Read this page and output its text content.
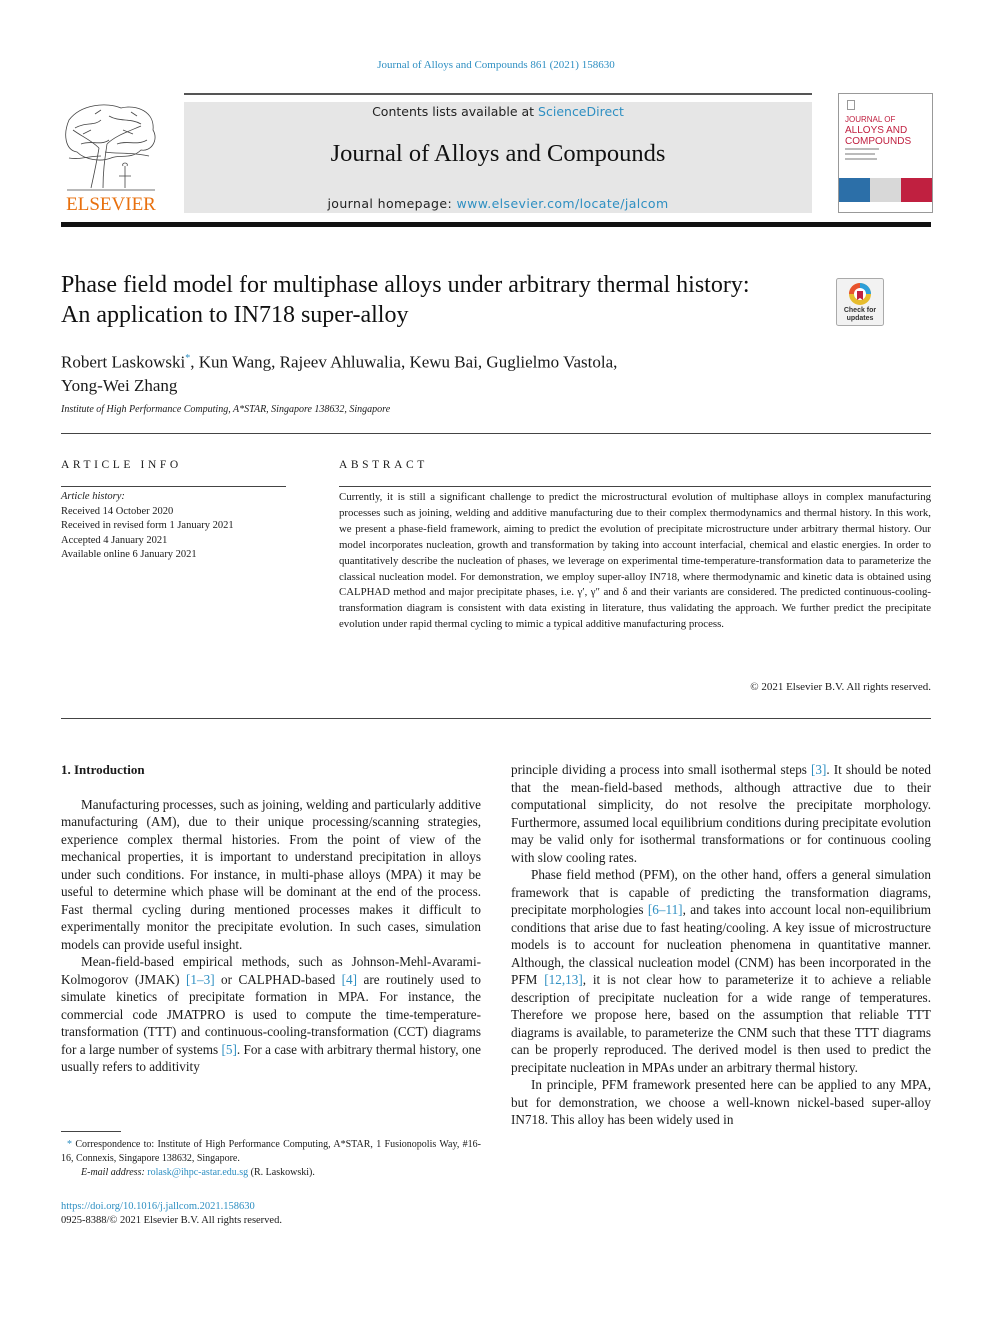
Journal of Alloys and Compounds 861 (2021) 158630
ELSEVIER
Contents lists available at ScienceDirect
Journal of Alloys and Compounds
journal homepage: www.elsevier.com/locate/jalcom
JOURNAL OF
ALLOYS AND
COMPOUNDS
Phase field model for multiphase alloys under arbitrary thermal history:
An application to IN718 super-alloy	Check for updates
Robert Laskowski*, Kun Wang, Rajeev Ahluwalia, Kewu Bai, Guglielmo Vastola,
Yong-Wei Zhang
Institute of High Performance Computing, A*STAR, Singapore 138632, Singapore
ARTICLE INFO
Article history:
Received 14 October 2020
Received in revised form 1 January 2021
Accepted 4 January 2021
Available online 6 January 2021
ABSTRACT
Currently, it is still a significant challenge to predict the microstructural evolution of multiphase alloys in complex manufacturing processes such as joining, welding and additive manufacturing due to their complex thermodynamics and thermal history. In this work, we present a phase-field framework, aiming to predict the evolution of precipitate microstructure under arbitrary thermal history. Our model incorporates nucleation, growth and transformation by taking into account interfacial, chemical and elastic energies. In order to quantitatively describe the nucleation of phases, we leverage on experimental time-temperature-transformation data to parameterize the classical nucleation model. For demonstration, we employ super-alloy IN718, where thermodynamic and kinetic data is obtained using CALPHAD method and major precipitate phases, i.e. γ′, γ″ and δ and their variants are considered. The predicted continuous-cooling-transformation diagram is consistent with data existing in literature, thus validating the approach. We further predict the precipitate evolution under rapid thermal cycling to mimic a typical additive manufacturing process.
© 2021 Elsevier B.V. All rights reserved.
1. Introduction

Manufacturing processes, such as joining, welding and particularly additive manufacturing (AM), due to their unique processing/scanning strategies, experience complex thermal histories. From the point of view of the mechanical properties, it is important to understand precipitation in alloys under such conditions. For instance, in multi-phase alloys (MPA) it may be useful to determine which phase will be dominant at the end of the process. Fast thermal cycling during mentioned processes makes it difficult to experimentally monitor the precipitate evolution. In such cases, simulation models can provide useful insight.

Mean-field-based empirical methods, such as Johnson-Mehl-Avarami-Kolmogorov (JMAK) [1–3] or CALPHAD-based [4] are routinely used to simulate kinetics of precipitate formation in MPA. For instance, the commercial code JMATPRO is used to compute the time-temperature-transformation (TTT) and continuous-cooling-transformation (CCT) diagrams for a large number of systems [5]. For a case with arbitrary thermal history, one usually refers to additivity

principle dividing a process into small isothermal steps [3]. It should be noted that the mean-field-based methods, although attractive due to their computational simplicity, do not resolve the precipitate morphology. Furthermore, assumed local equilibrium conditions during precipitate evolution may be valid only for isothermal transformations or for continuous cooling with slow cooling rates.

Phase field method (PFM), on the other hand, offers a general simulation framework that is capable of predicting the transformation diagrams, precipitate morphologies [6–11], and takes into account local non-equilibrium conditions that arise due to fast heating/cooling. A key issue of microstructure models is to account for nucleation phenomena in quantitative manner. Although, the classical nucleation model (CNM) has been incorporated in the PFM [12,13], it is not clear how to parameterize it to achieve a reliable description of precipitate nucleation for a wide range of temperatures. Therefore we propose here, based on the assumption that reliable TTT diagrams is available, to parameterize the CNM such that these TTT diagrams can be properly reproduced. The derived model is then used to predict the precipitate nucleation in MPAs under an arbitrary thermal history.

In principle, PFM framework presented here can be applied to any MPA, but for demonstration, we choose a well-known nickel-based super-alloy IN718. This alloy has been widely used in

* Correspondence to: Institute of High Performance Computing, A*STAR, 1 Fusionopolis Way, #16-16, Connexis, Singapore 138632, Singapore.
E-mail address: rolask@ihpc-astar.edu.sg (R. Laskowski).
https://doi.org/10.1016/j.jallcom.2021.158630
0925-8388/© 2021 Elsevier B.V. All rights reserved.
